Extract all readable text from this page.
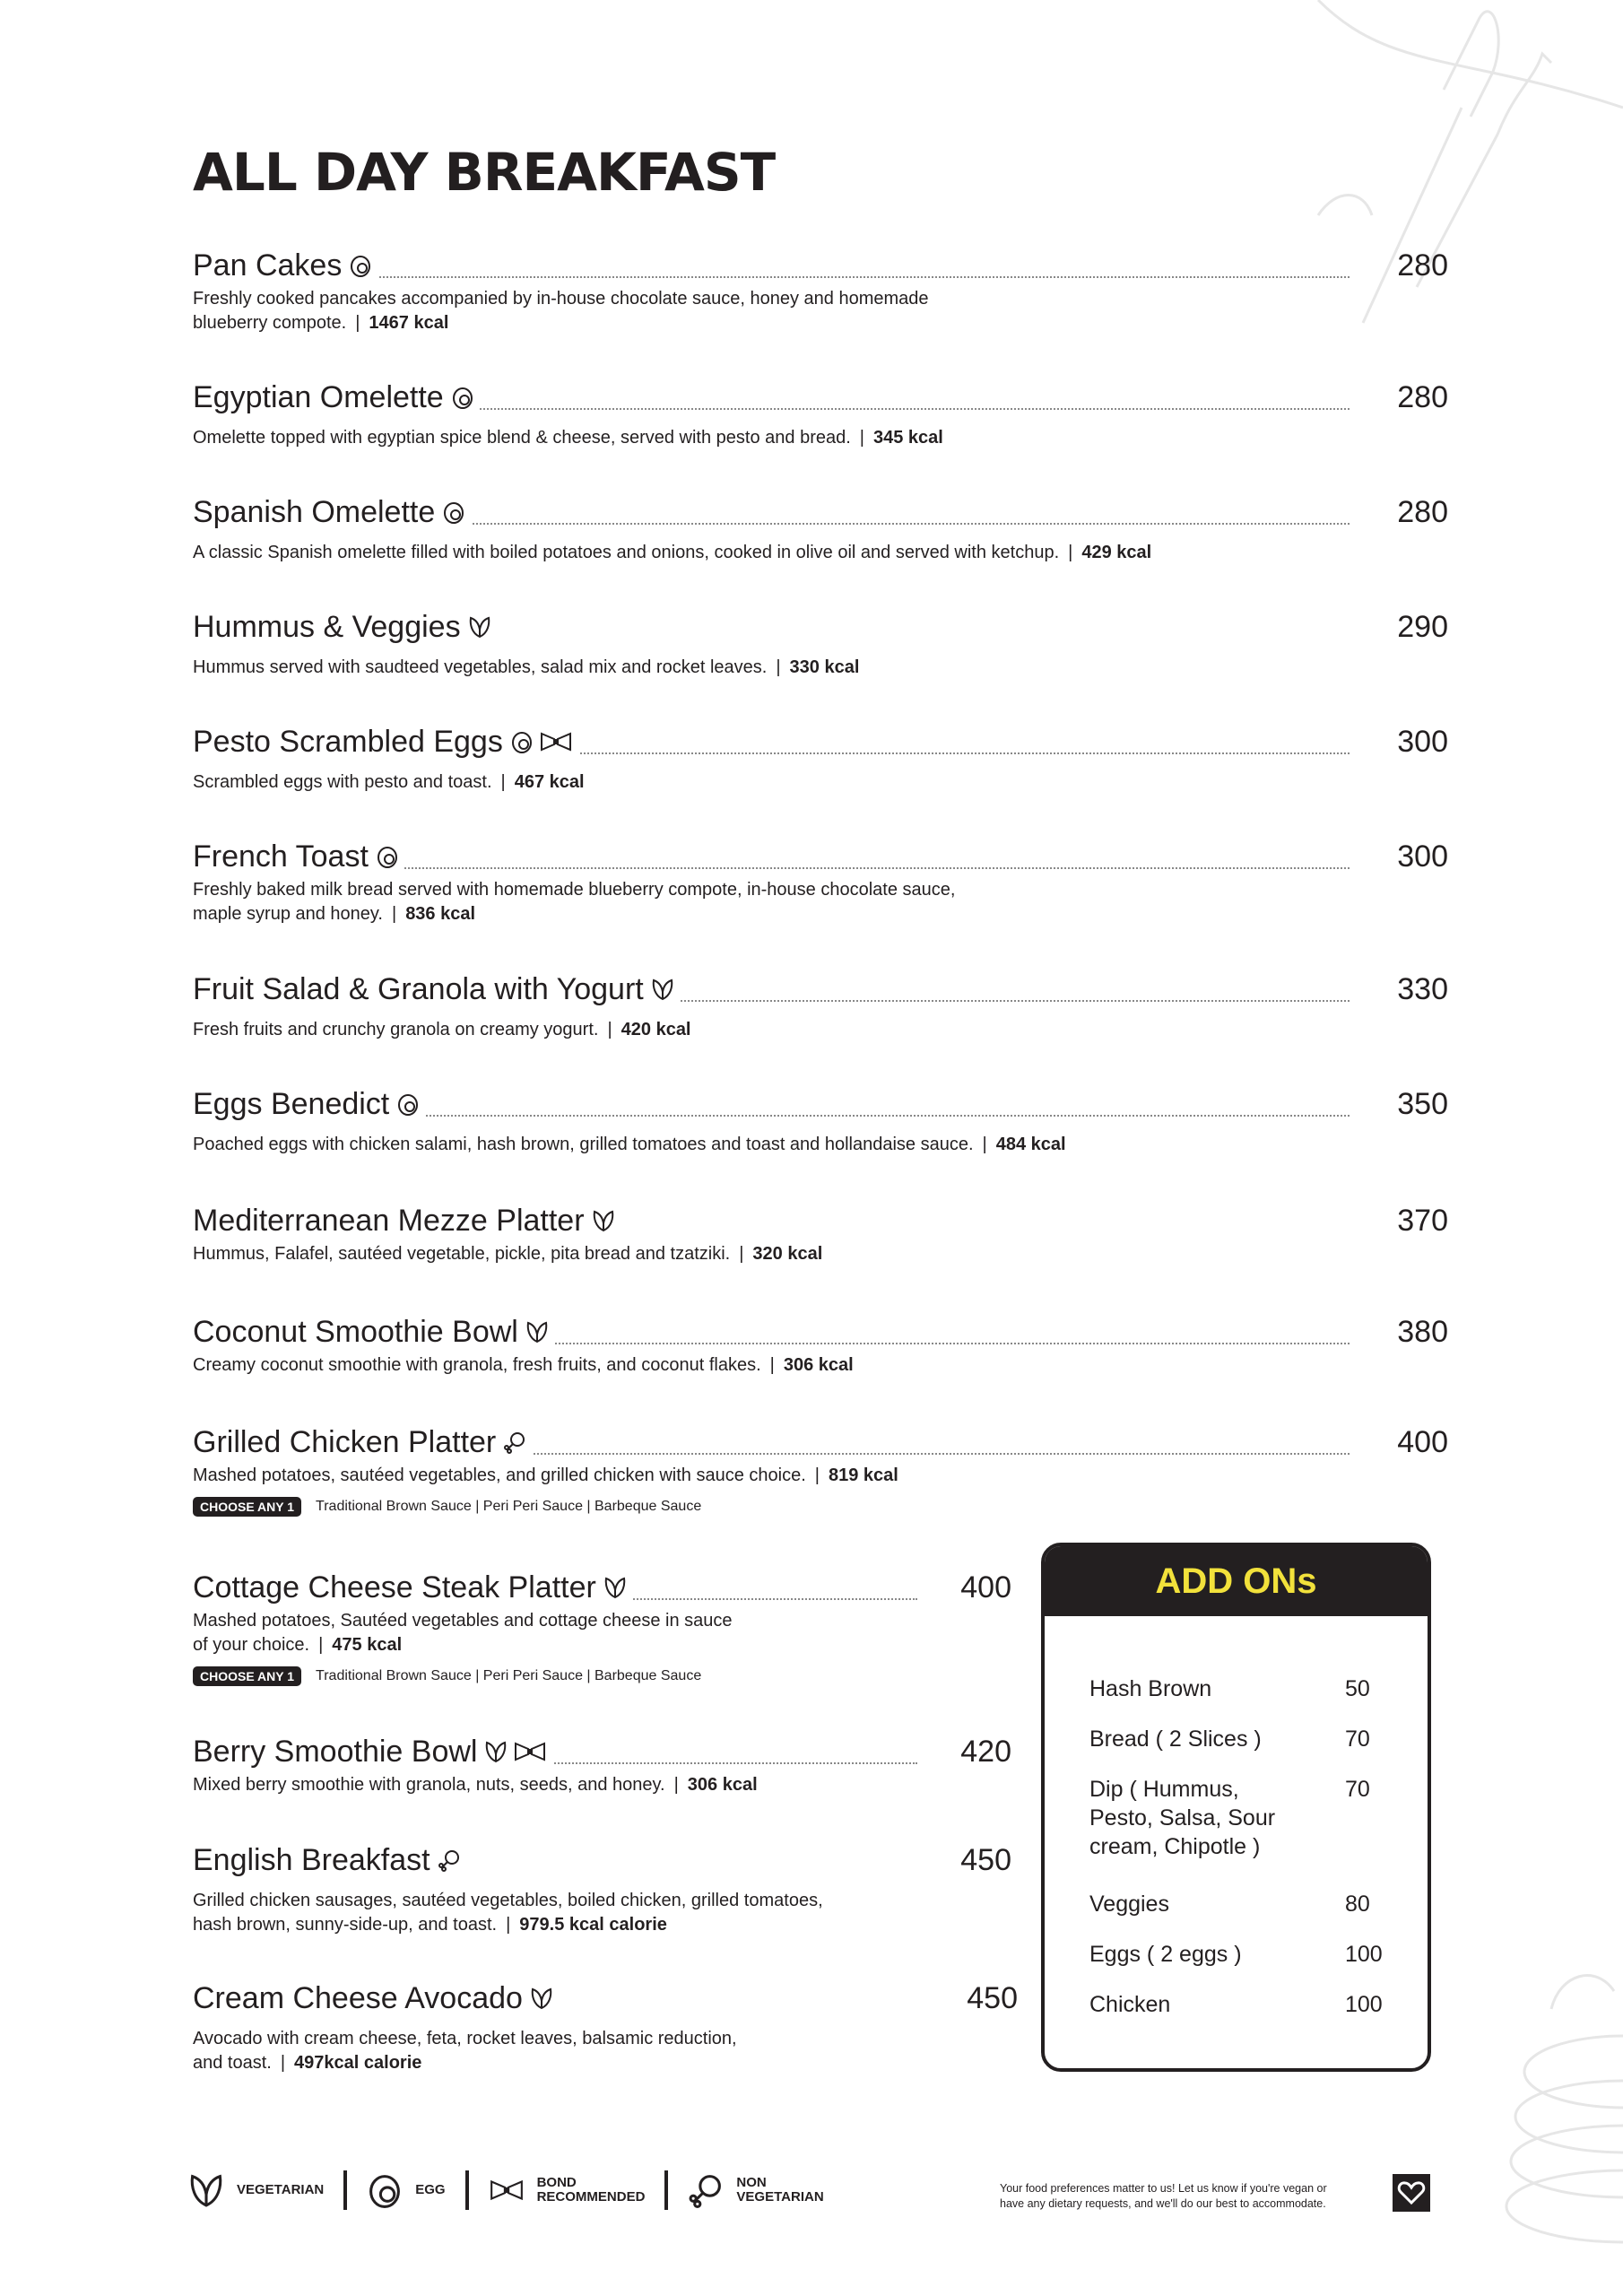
ALL DAY BREAKFAST
Pan Cakes	280
Freshly cooked pancakes accompanied by in-house chocolate sauce, honey and homemade
blueberry compote. | 1467 kcal
Egyptian Omelette	280
Omelette topped with egyptian spice blend & cheese, served with pesto and bread. | 345 kcal
Spanish Omelette	280
A classic Spanish omelette filled with boiled potatoes and onions, cooked in olive oil and served with ketchup. | 429 kcal
Hummus & Veggies	290
Hummus served with saudteed vegetables, salad mix and rocket leaves. | 330 kcal
Pesto Scrambled Eggs	300
Scrambled eggs with pesto and toast. | 467 kcal
French Toast	300
Freshly baked milk bread served with homemade blueberry compote, in-house chocolate sauce,
maple syrup and honey. | 836 kcal
Fruit Salad & Granola with Yogurt	330
Fresh fruits and crunchy granola on creamy yogurt. | 420 kcal
Eggs Benedict	350
Poached eggs with chicken salami, hash brown, grilled tomatoes and toast and hollandaise sauce. | 484 kcal
Mediterranean Mezze Platter	370
Hummus, Falafel, sautéed vegetable, pickle, pita bread and tzatziki. | 320 kcal
Coconut Smoothie Bowl	380
Creamy coconut smoothie with granola, fresh fruits, and coconut flakes. | 306 kcal
Grilled Chicken Platter	400
Mashed potatoes, sautéed vegetables, and grilled chicken with sauce choice. | 819 kcal
CHOOSE ANY 1	Traditional Brown Sauce | Peri Peri Sauce | Barbeque Sauce
Cottage Cheese Steak Platter	400
Mashed potatoes, Sautéed vegetables and cottage cheese in sauce
of your choice. | 475 kcal
CHOOSE ANY 1	Traditional Brown Sauce | Peri Peri Sauce | Barbeque Sauce
Berry Smoothie Bowl	420
Mixed berry smoothie with granola, nuts, seeds, and honey. | 306 kcal
English Breakfast	450
Grilled chicken sausages, sautéed vegetables, boiled chicken, grilled tomatoes,
hash brown, sunny-side-up, and toast. | 979.5 kcal calorie
Cream Cheese Avocado	450
Avocado with cream cheese, feta, rocket leaves, balsamic reduction,
and toast. | 497kcal calorie
ADD ONs
Hash Brown	50
Bread ( 2 Slices )	70
Dip ( Hummus,	70
Pesto, Salsa, Sour
cream, Chipotle )
Veggies	80
Eggs ( 2 eggs )	100
Chicken	100
VEGETARIAN	EGG	BOND
RECOMMENDED
NON
VEGETARIAN
Your food preferences matter to us! Let us know if you're vegan or
have any dietary requests, and we'll do our best to accommodate.
